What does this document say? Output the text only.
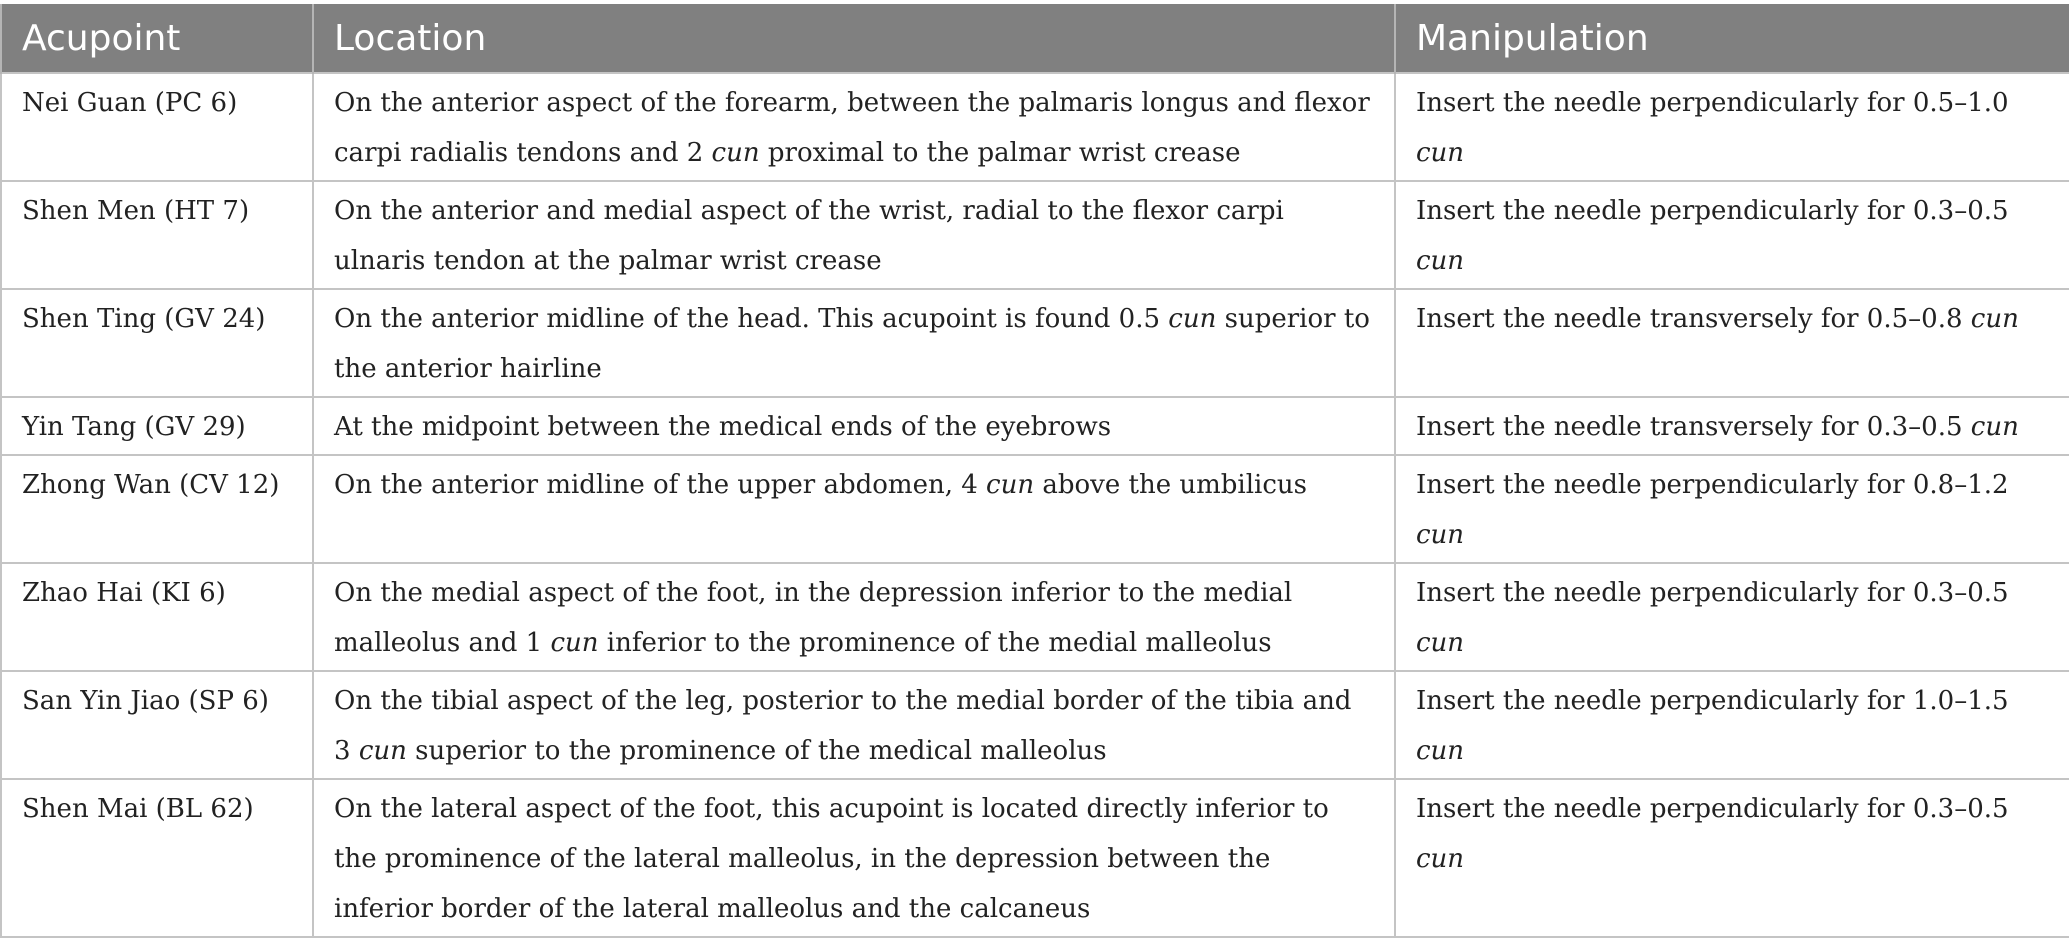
Acupoint	Location	Manipulation
Nei Guan (PC 6)	On the anterior aspect of the forearm, between the palmaris longus and flexor carpi radialis tendons and 2 cun proximal to the palmar wrist crease	Insert the needle perpendicularly for 0.5–1.0 cun
Shen Men (HT 7)	On the anterior and medial aspect of the wrist, radial to the flexor carpi ulnaris tendon at the palmar wrist crease	Insert the needle perpendicularly for 0.3–0.5 cun
Shen Ting (GV 24)	On the anterior midline of the head. This acupoint is found 0.5 cun superior to the anterior hairline	Insert the needle transversely for 0.5–0.8 cun
Yin Tang (GV 29)	At the midpoint between the medical ends of the eyebrows	Insert the needle transversely for 0.3–0.5 cun
Zhong Wan (CV 12)	On the anterior midline of the upper abdomen, 4 cun above the umbilicus	Insert the needle perpendicularly for 0.8–1.2 cun
Zhao Hai (KI 6)	On the medial aspect of the foot, in the depression inferior to the medial malleolus and 1 cun inferior to the prominence of the medial malleolus	Insert the needle perpendicularly for 0.3–0.5 cun
San Yin Jiao (SP 6)	On the tibial aspect of the leg, posterior to the medial border of the tibia and 3 cun superior to the prominence of the medical malleolus	Insert the needle perpendicularly for 1.0–1.5 cun
Shen Mai (BL 62)	On the lateral aspect of the foot, this acupoint is located directly inferior to the prominence of the lateral malleolus, in the depression between the inferior border of the lateral malleolus and the calcaneus	Insert the needle perpendicularly for 0.3–0.5 cun
